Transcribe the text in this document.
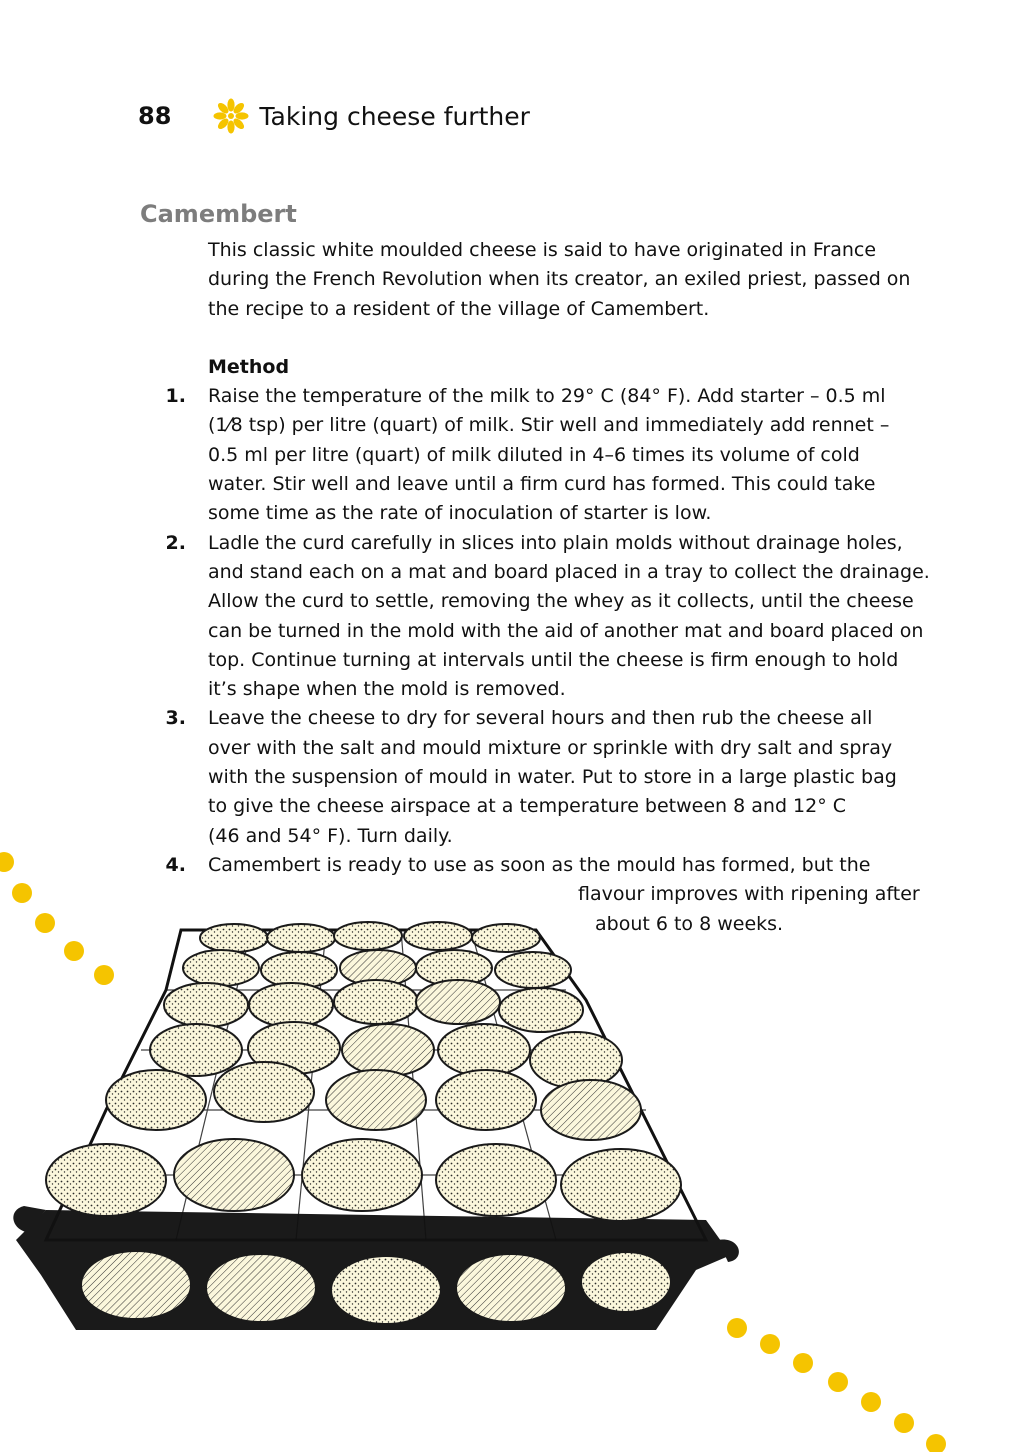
88	Taking cheese further
Camembert

This classic white moulded cheese is said to have originated in France
during the French Revolution when its creator, an exiled priest, passed on
the recipe to a resident of the village of Camembert.

Method
1. Raise the temperature of the milk to 29° C (84° F). Add starter – 0.5 ml
(1⁄8 tsp) per litre (quart) of milk. Stir well and immediately add rennet –
0.5 ml per litre (quart) of milk diluted in 4–6 times its volume of cold
water. Stir well and leave until a firm curd has formed. This could take
some time as the rate of inoculation of starter is low.
2. Ladle the curd carefully in slices into plain molds without drainage holes,
and stand each on a mat and board placed in a tray to collect the drainage.
Allow the curd to settle, removing the whey as it collects, until the cheese
can be turned in the mold with the aid of another mat and board placed on
top. Continue turning at intervals until the cheese is firm enough to hold
it’s shape when the mold is removed.
3. Leave the cheese to dry for several hours and then rub the cheese all
over with the salt and mould mixture or sprinkle with dry salt and spray
with the suspension of mould in water. Put to store in a large plastic bag
to give the cheese airspace at a temperature between 8 and 12° C
(46 and 54° F). Turn daily.
4. Camembert is ready to use as soon as the mould has formed, but the
flavour improves with ripening after
about 6 to 8 weeks.
